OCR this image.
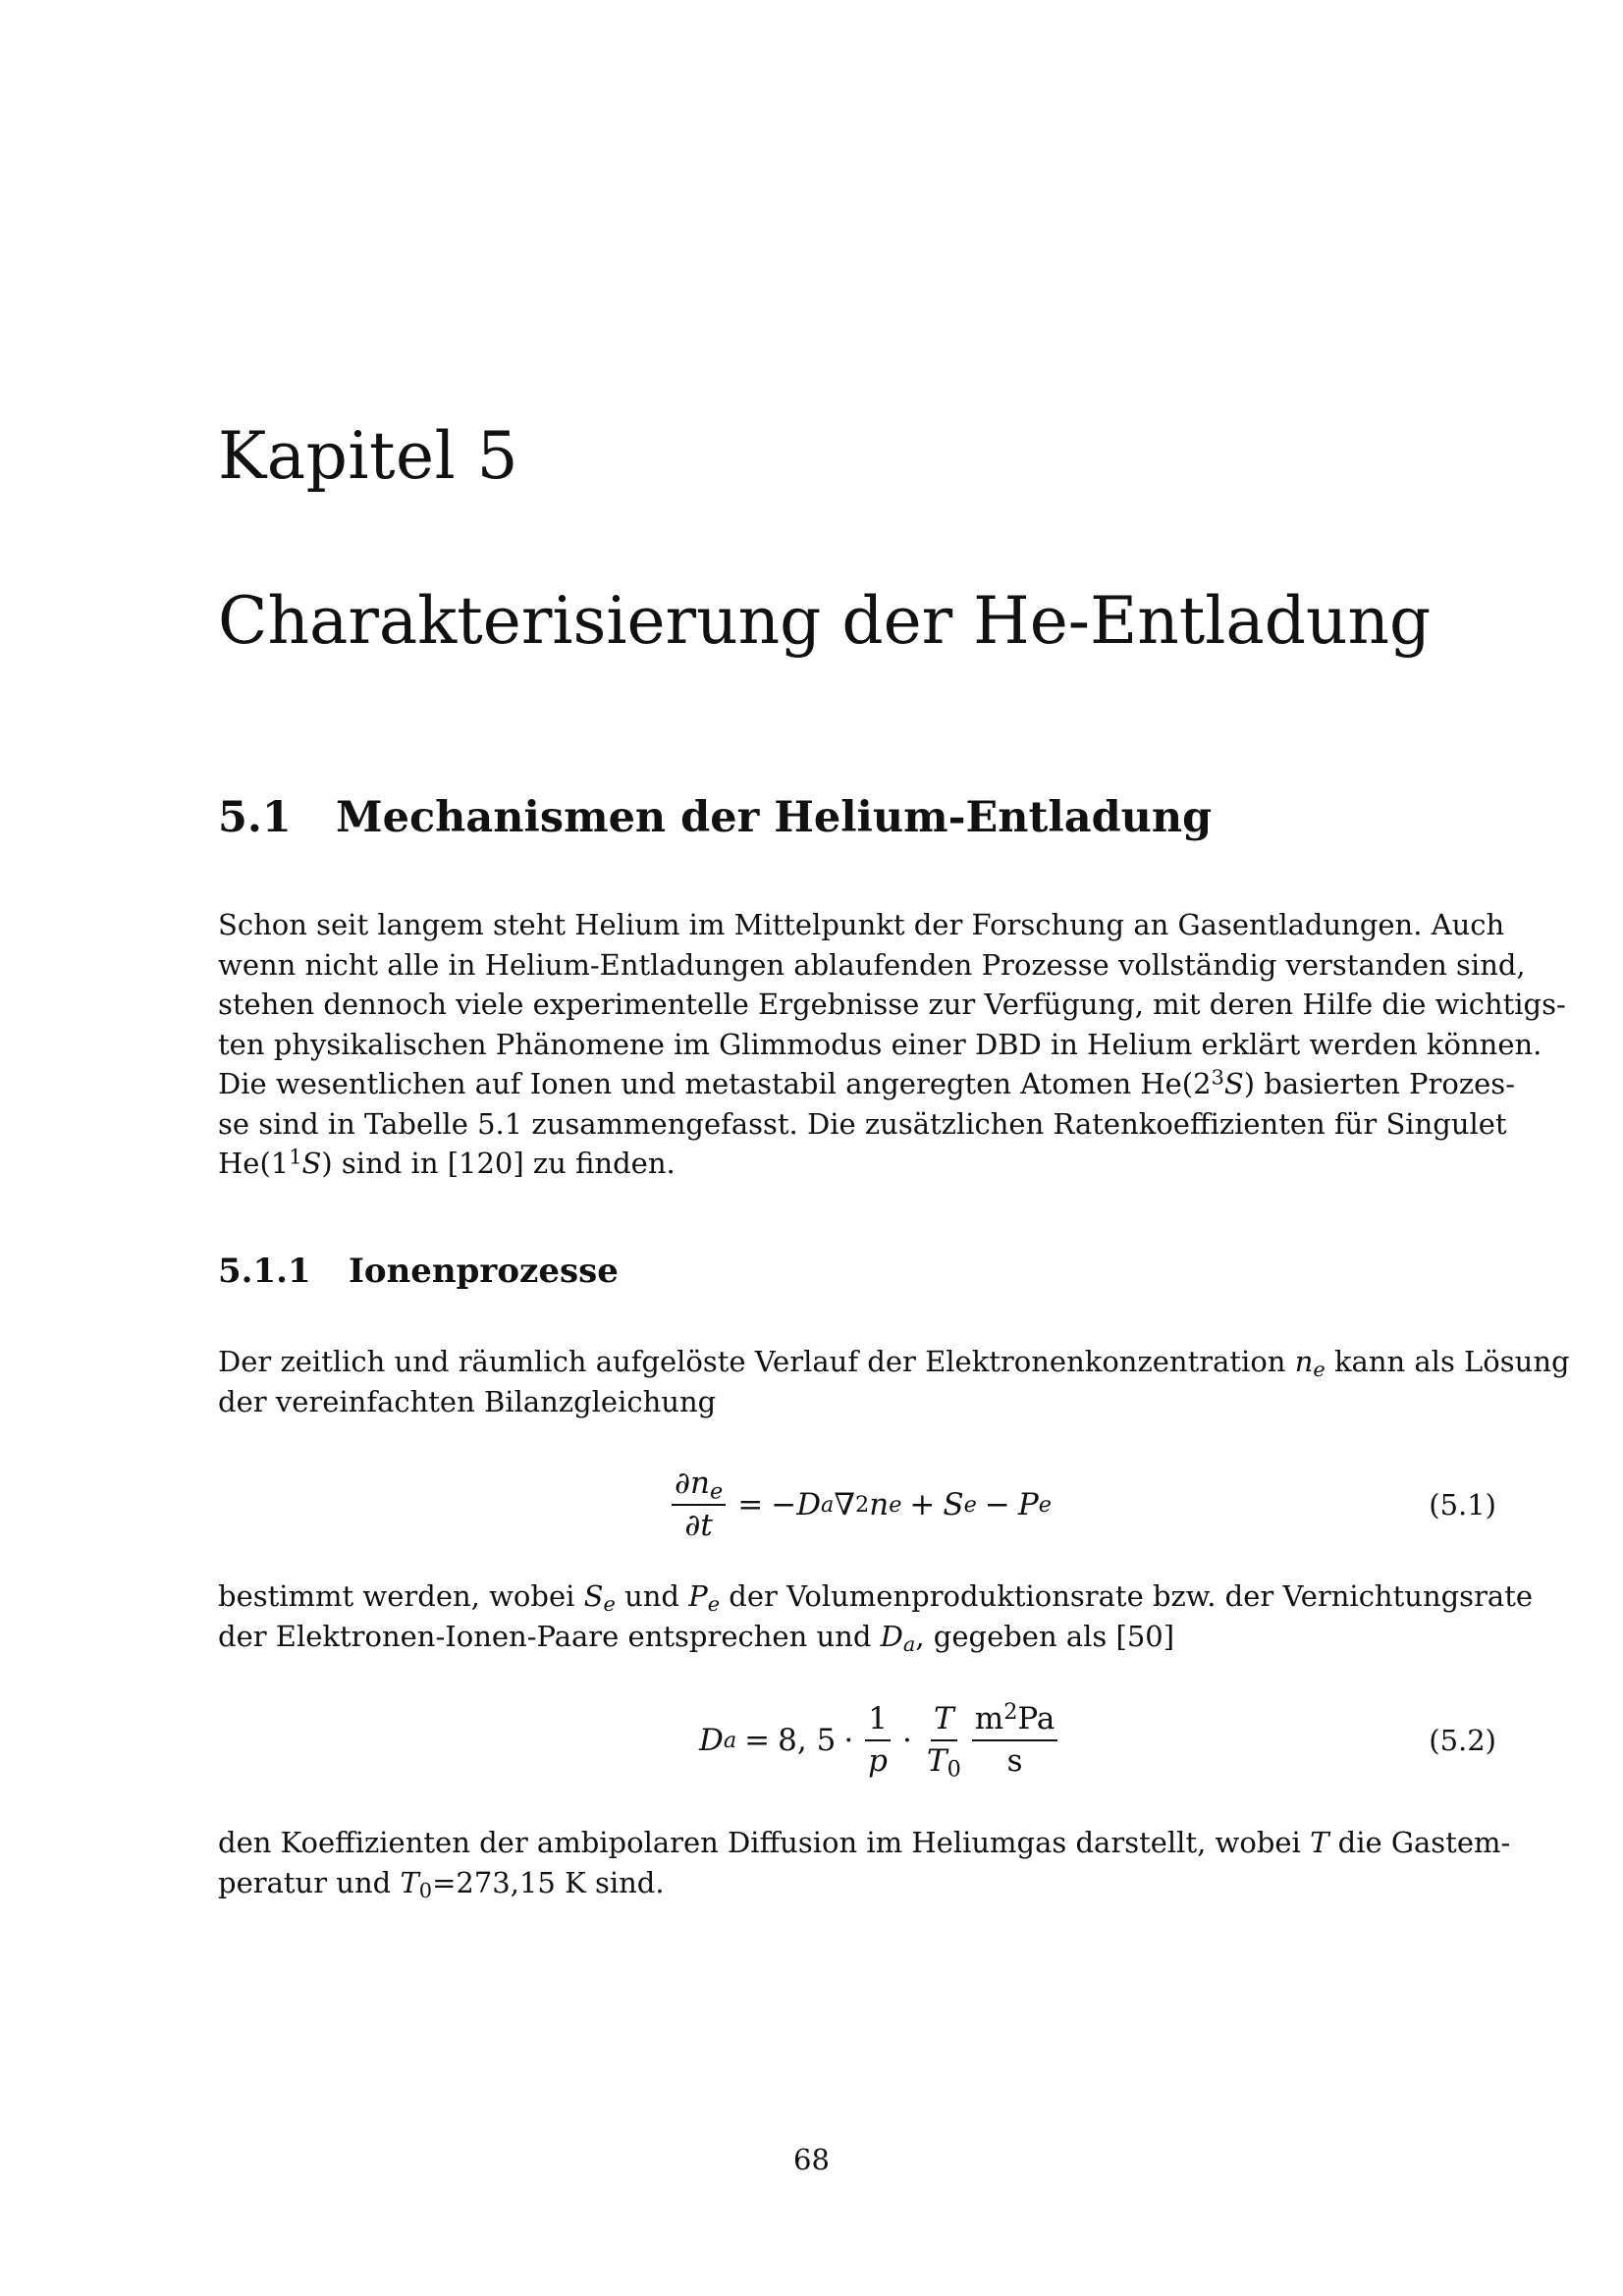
Kapitel 5
Charakterisierung der He-Entladung
5.1 Mechanismen der Helium-Entladung

Schon seit langem steht Helium im Mittelpunkt der Forschung an Gasentladungen. Auch
wenn nicht alle in Helium-Entladungen ablaufenden Prozesse vollständig verstanden sind,
stehen dennoch viele experimentelle Ergebnisse zur Verfügung, mit deren Hilfe die wichtigs-
ten physikalischen Phänomene im Glimmodus einer DBD in Helium erklärt werden können.
Die wesentlichen auf Ionen und metastabil angeregten Atomen $He(2^3S)$ basierten Prozes-
se sind in Tabelle 5.1 zusammengefasst. Die zusätzlichen Ratenkoeffizienten für Singulet
$He(1^1S)$ sind in [120] zu finden.

5.1.1 Ionenprozesse

Der zeitlich und räumlich aufgelöste Verlauf der Elektronenkonzentration $n_e$ kann als Lösung
der vereinfachten Bilanzgleichung

$\frac{\partial n_e}{\partial t}$ = − D a ∇ 2 n e + S e − P e	(5.1)

bestimmt werden, wobei $S_e$ und $P_e$ der Volumenproduktionsrate bzw. der Vernichtungsrate
der Elektronen-Ionen-Paare entsprechen und $D_a$, gegeben als [50]

D a = 8, $5 \cdot \frac{1}{p} \cdot \frac{T}{T_0} \frac{m^2Pa}{s}$	(5.2)

den Koeffizienten der ambipolaren Diffusion im Heliumgas darstellt, wobei T die Gastem-
peratur und $T_0=273,15$ K sind.

68
